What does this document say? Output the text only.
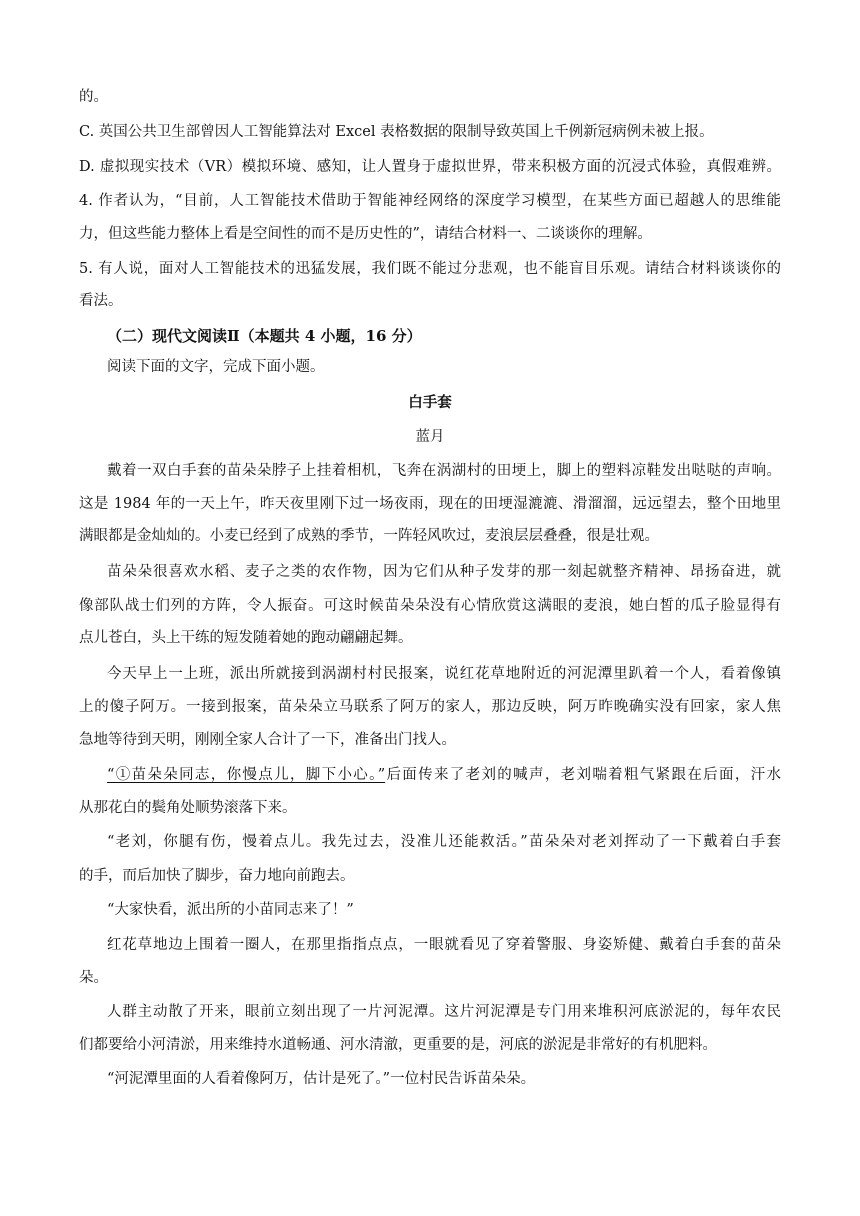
的。
C. 英国公共卫生部曾因人工智能算法对 Excel 表格数据的限制导致英国上千例新冠病例未被上报。
D. 虚拟现实技术（VR）模拟环境、感知，让人置身于虚拟世界，带来积极方面的沉浸式体验，真假难辨。
4. 作者认为，“目前，人工智能技术借助于智能神经网络的深度学习模型，在某些方面已超越人的思维能
力，但这些能力整体上看是空间性的而不是历史性的”，请结合材料一、二谈谈你的理解。
5. 有人说，面对人工智能技术的迅猛发展，我们既不能过分悲观，也不能盲目乐观。请结合材料谈谈你的
看法。
（二）现代文阅读Ⅱ（本题共 4 小题，16 分）
阅读下面的文字，完成下面小题。
白手套
蓝月
戴着一双白手套的苗朵朵脖子上挂着相机，飞奔在涡湖村的田埂上，脚上的塑料凉鞋发出哒哒的声响。
这是 1984 年的一天上午，昨天夜里刚下过一场夜雨，现在的田埂湿漉漉、滑溜溜，远远望去，整个田地里
满眼都是金灿灿的。小麦已经到了成熟的季节，一阵轻风吹过，麦浪层层叠叠，很是壮观。
苗朵朵很喜欢水稻、麦子之类的农作物，因为它们从种子发芽的那一刻起就整齐精神、昂扬奋进，就
像部队战士们列的方阵，令人振奋。可这时候苗朵朵没有心情欣赏这满眼的麦浪，她白皙的瓜子脸显得有
点儿苍白，头上干练的短发随着她的跑动翩翩起舞。
今天早上一上班，派出所就接到涡湖村村民报案，说红花草地附近的河泥潭里趴着一个人，看着像镇
上的傻子阿万。一接到报案，苗朵朵立马联系了阿万的家人，那边反映，阿万昨晚确实没有回家，家人焦
急地等待到天明，刚刚全家人合计了一下，准备出门找人。
“①苗朵朵同志，你慢点儿，脚下小心。”后面传来了老刘的喊声，老刘喘着粗气紧跟在后面，汗水
从那花白的鬓角处顺势滚落下来。
“老刘，你腿有伤，慢着点儿。我先过去，没准儿还能救活。”苗朵朵对老刘挥动了一下戴着白手套
的手，而后加快了脚步，奋力地向前跑去。
“大家快看，派出所的小苗同志来了！”
红花草地边上围着一圈人，在那里指指点点，一眼就看见了穿着警服、身姿矫健、戴着白手套的苗朵
朵。
人群主动散了开来，眼前立刻出现了一片河泥潭。这片河泥潭是专门用来堆积河底淤泥的，每年农民
们都要给小河清淤，用来维持水道畅通、河水清澈，更重要的是，河底的淤泥是非常好的有机肥料。
“河泥潭里面的人看着像阿万，估计是死了。”一位村民告诉苗朵朵。
